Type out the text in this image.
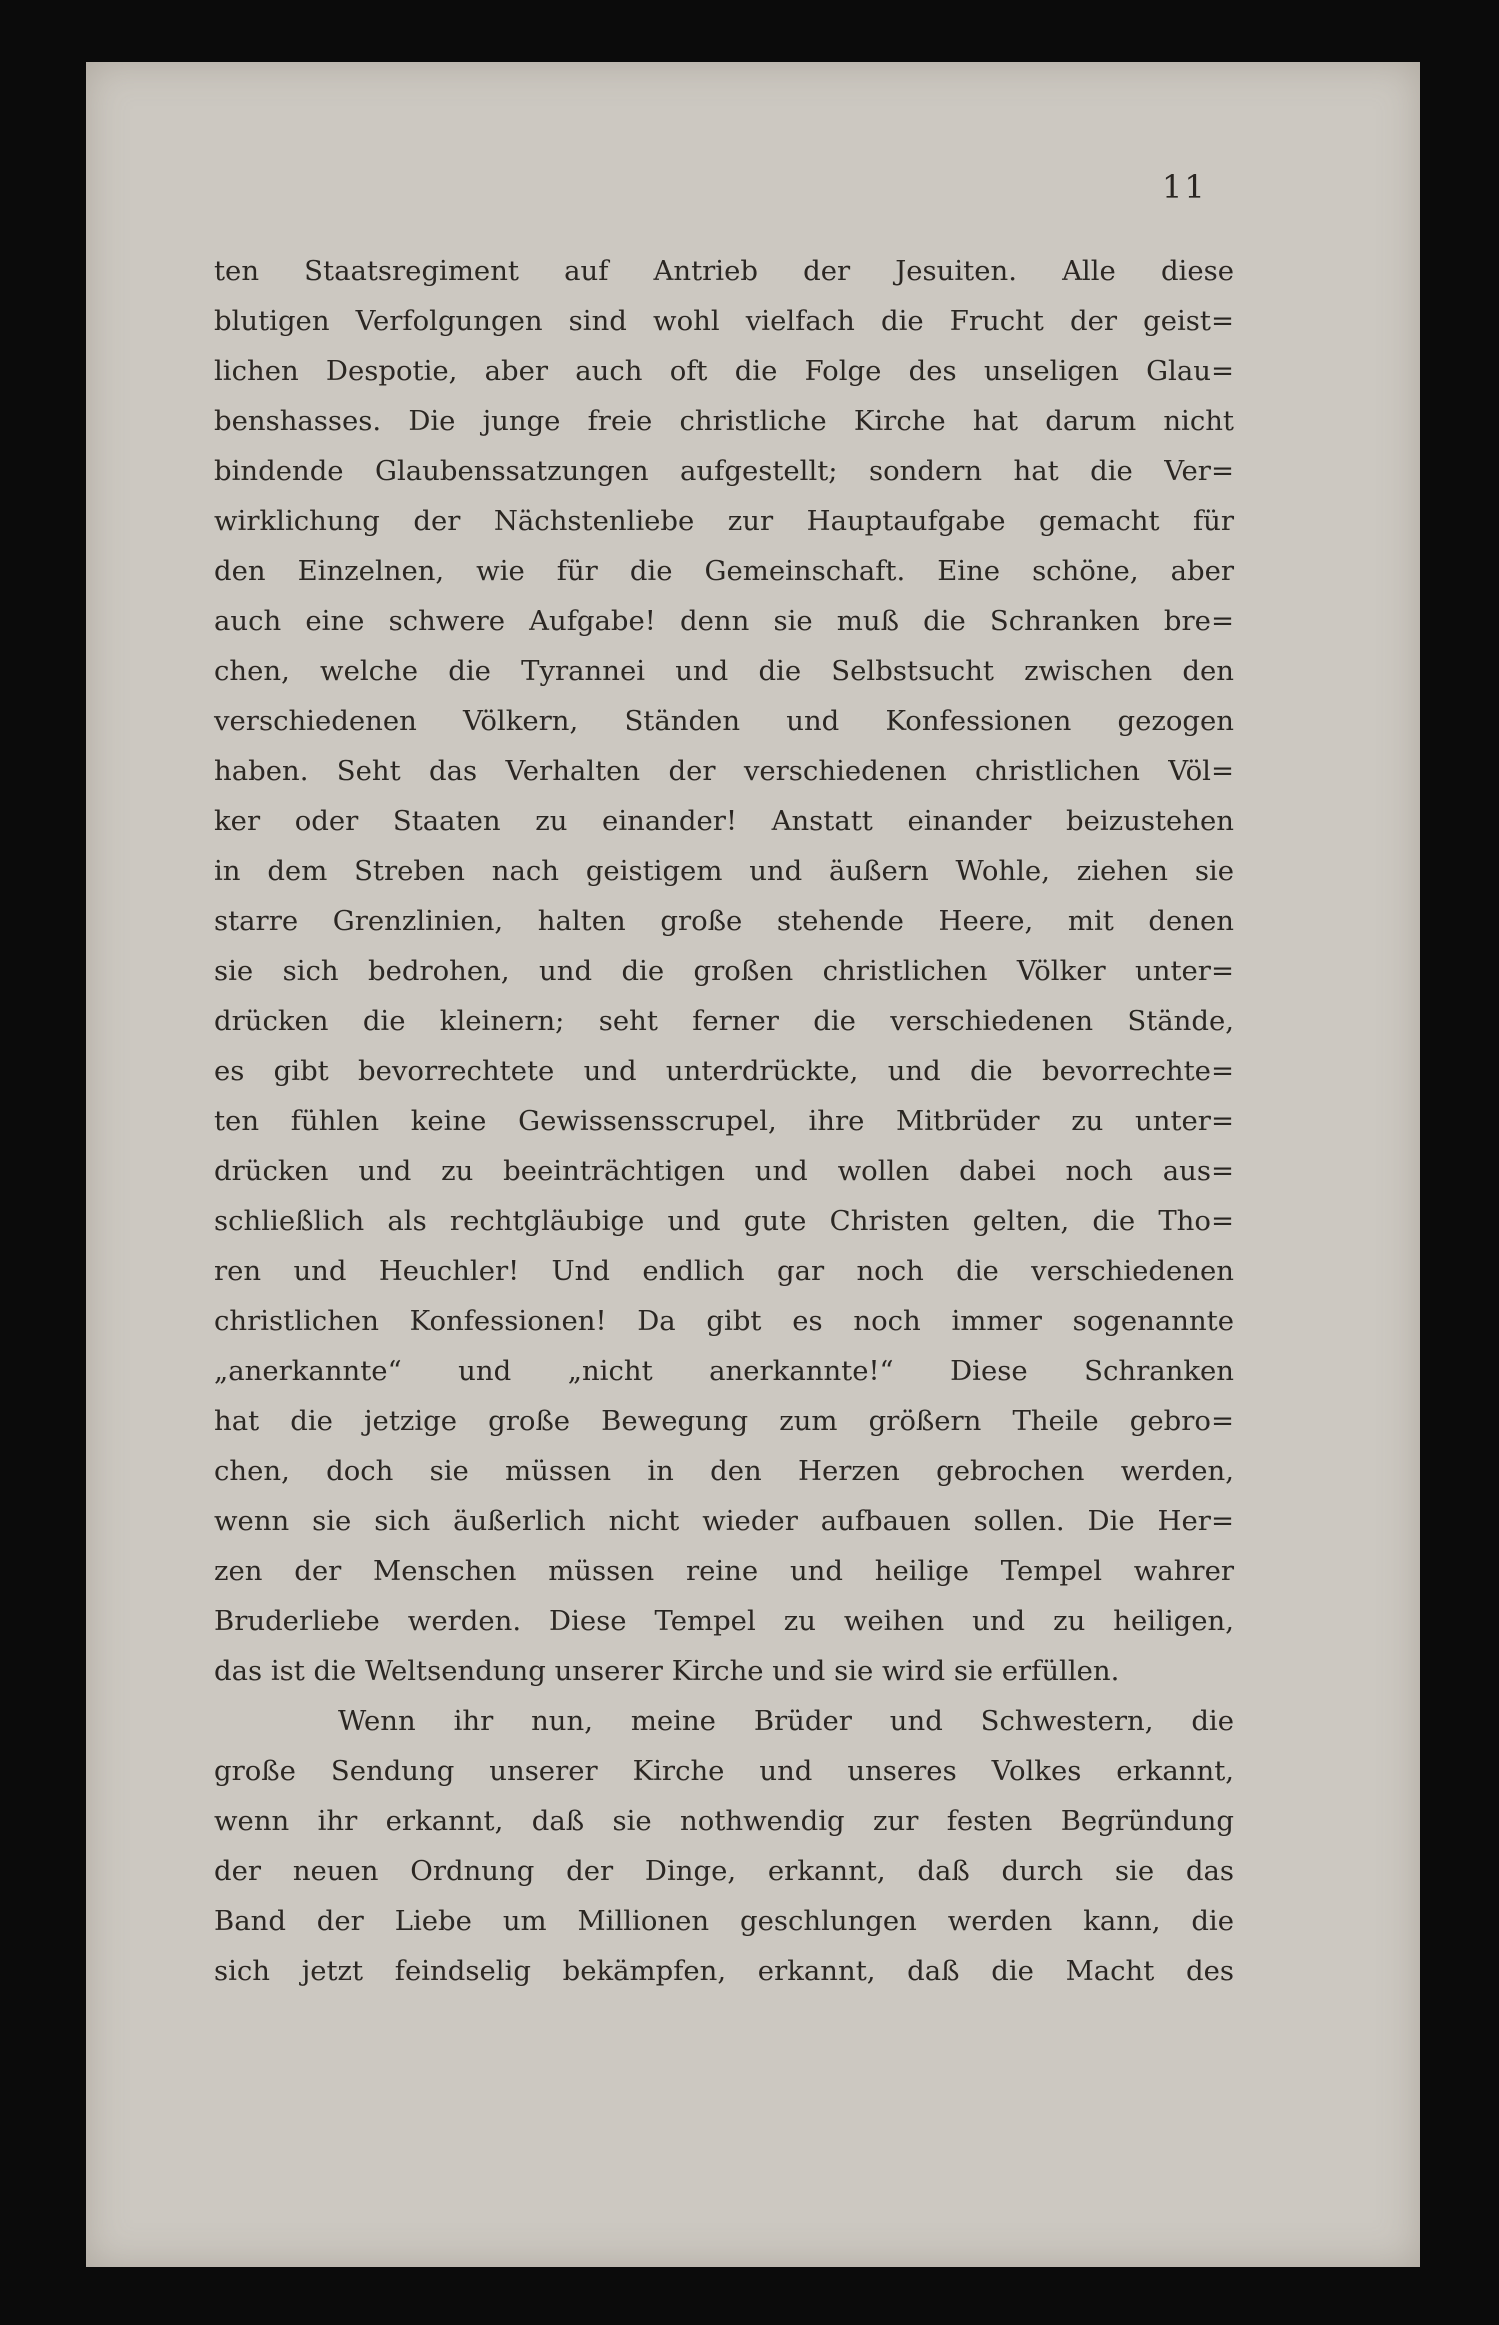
11
ten Staatsregiment auf Antrieb der Jesuiten. Alle diese
blutigen Verfolgungen sind wohl vielfach die Frucht der geist=
lichen Despotie, aber auch oft die Folge des unseligen Glau=
benshasses. Die junge freie christliche Kirche hat darum nicht
bindende Glaubenssatzungen aufgestellt; sondern hat die Ver=
wirklichung der Nächstenliebe zur Hauptaufgabe gemacht für
den Einzelnen, wie für die Gemeinschaft. Eine schöne, aber
auch eine schwere Aufgabe! denn sie muß die Schranken bre=
chen, welche die Tyrannei und die Selbstsucht zwischen den
verschiedenen Völkern, Ständen und Konfessionen gezogen
haben. Seht das Verhalten der verschiedenen christlichen Völ=
ker oder Staaten zu einander! Anstatt einander beizustehen
in dem Streben nach geistigem und äußern Wohle, ziehen sie
starre Grenzlinien, halten große stehende Heere, mit denen
sie sich bedrohen, und die großen christlichen Völker unter=
drücken die kleinern; seht ferner die verschiedenen Stände,
es gibt bevorrechtete und unterdrückte, und die bevorrechte=
ten fühlen keine Gewissensscrupel, ihre Mitbrüder zu unter=
drücken und zu beeinträchtigen und wollen dabei noch aus=
schließlich als rechtgläubige und gute Christen gelten, die Tho=
ren und Heuchler! Und endlich gar noch die verschiedenen
christlichen Konfessionen! Da gibt es noch immer sogenannte
„anerkannte“ und „nicht anerkannte!“ Diese Schranken
hat die jetzige große Bewegung zum größern Theile gebro=
chen, doch sie müssen in den Herzen gebrochen werden,
wenn sie sich äußerlich nicht wieder aufbauen sollen. Die Her=
zen der Menschen müssen reine und heilige Tempel wahrer
Bruderliebe werden. Diese Tempel zu weihen und zu heiligen,
das ist die Weltsendung unserer Kirche und sie wird sie erfüllen.
Wenn ihr nun, meine Brüder und Schwestern, die
große Sendung unserer Kirche und unseres Volkes erkannt,
wenn ihr erkannt, daß sie nothwendig zur festen Begründung
der neuen Ordnung der Dinge, erkannt, daß durch sie das
Band der Liebe um Millionen geschlungen werden kann, die
sich jetzt feindselig bekämpfen, erkannt, daß die Macht des
